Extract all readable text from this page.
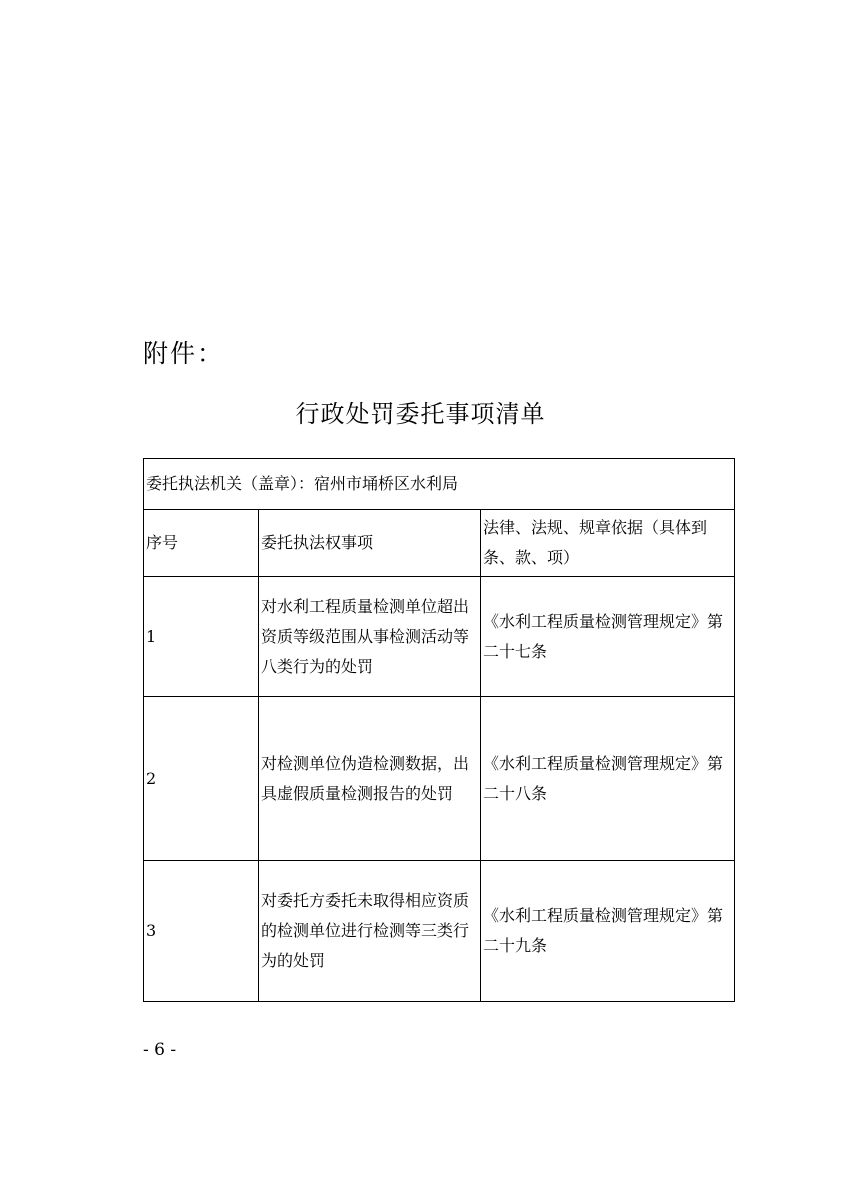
附件：
行政处罚委托事项清单
委托执法机关（盖章）：宿州市埇桥区水利局		
序号	委托执法权事项	法律、法规、规章依据（具体到条、款、项）
1	对水利工程质量检测单位超出资质等级范围从事检测活动等八类行为的处罚	《水利工程质量检测管理规定》第二十七条
2	对检测单位伪造检测数据，出具虚假质量检测报告的处罚	《水利工程质量检测管理规定》第二十八条
3	对委托方委托未取得相应资质的检测单位进行检测等三类行为的处罚	《水利工程质量检测管理规定》第二十九条
- 6 -
